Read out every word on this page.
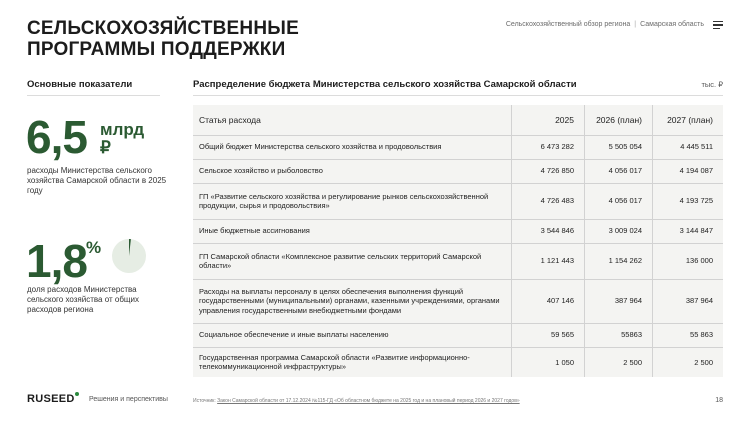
СЕЛЬСКОХОЗЯЙСТВЕННЫЕ
ПРОГРАММЫ ПОДДЕРЖКИ
Сельскохозяйственный обзор региона | Самарская область
Основные показатели	Распределение бюджета Министерства сельского хозяйства Самарской области	тыс. ₽
6,5 млрд
₽
расходы Министерства сельского хозяйства Самарской области в 2025 году
1,8 %
доля расходов Министерства сельского хозяйства от общих расходов региона
Статья расхода	2025	2026 (план)	2027 (план)
Общий бюджет Министерства сельского хозяйства и продовольствия	6 473 282	5 505 054	4 445 511
Сельское хозяйство и рыболовство	4 726 850	4 056 017	4 194 087
ГП «Развитие сельского хозяйства и регулирование рынков сельскохозяйственной продукции, сырья и продовольствия»	4 726 483	4 056 017	4 193 725
Иные бюджетные ассигнования	3 544 846	3 009 024	3 144 847
ГП Самарской области «Комплексное развитие сельских территорий Самарской области»	1 121 443	1 154 262	136 000
Расходы на выплаты персоналу в целях обеспечения выполнения функций государственными (муниципальными) органами, казенными учреждениями, органами управления государственными внебюджетными фондами	407 146	387 964	387 964
Социальное обеспечение и иные выплаты населению	59 565	55863	55 863
Государственная программа Самарской области «Развитие информационно-телекоммуникационной инфраструктуры»	1 050	2 500	2 500
RUSEED Решения и перспективы	Источник: Закон Самарской области от 17.12.2024 №115-ГД «Об областном бюджете на 2025 год и на плановый период 2026 и 2027 годов»	18
